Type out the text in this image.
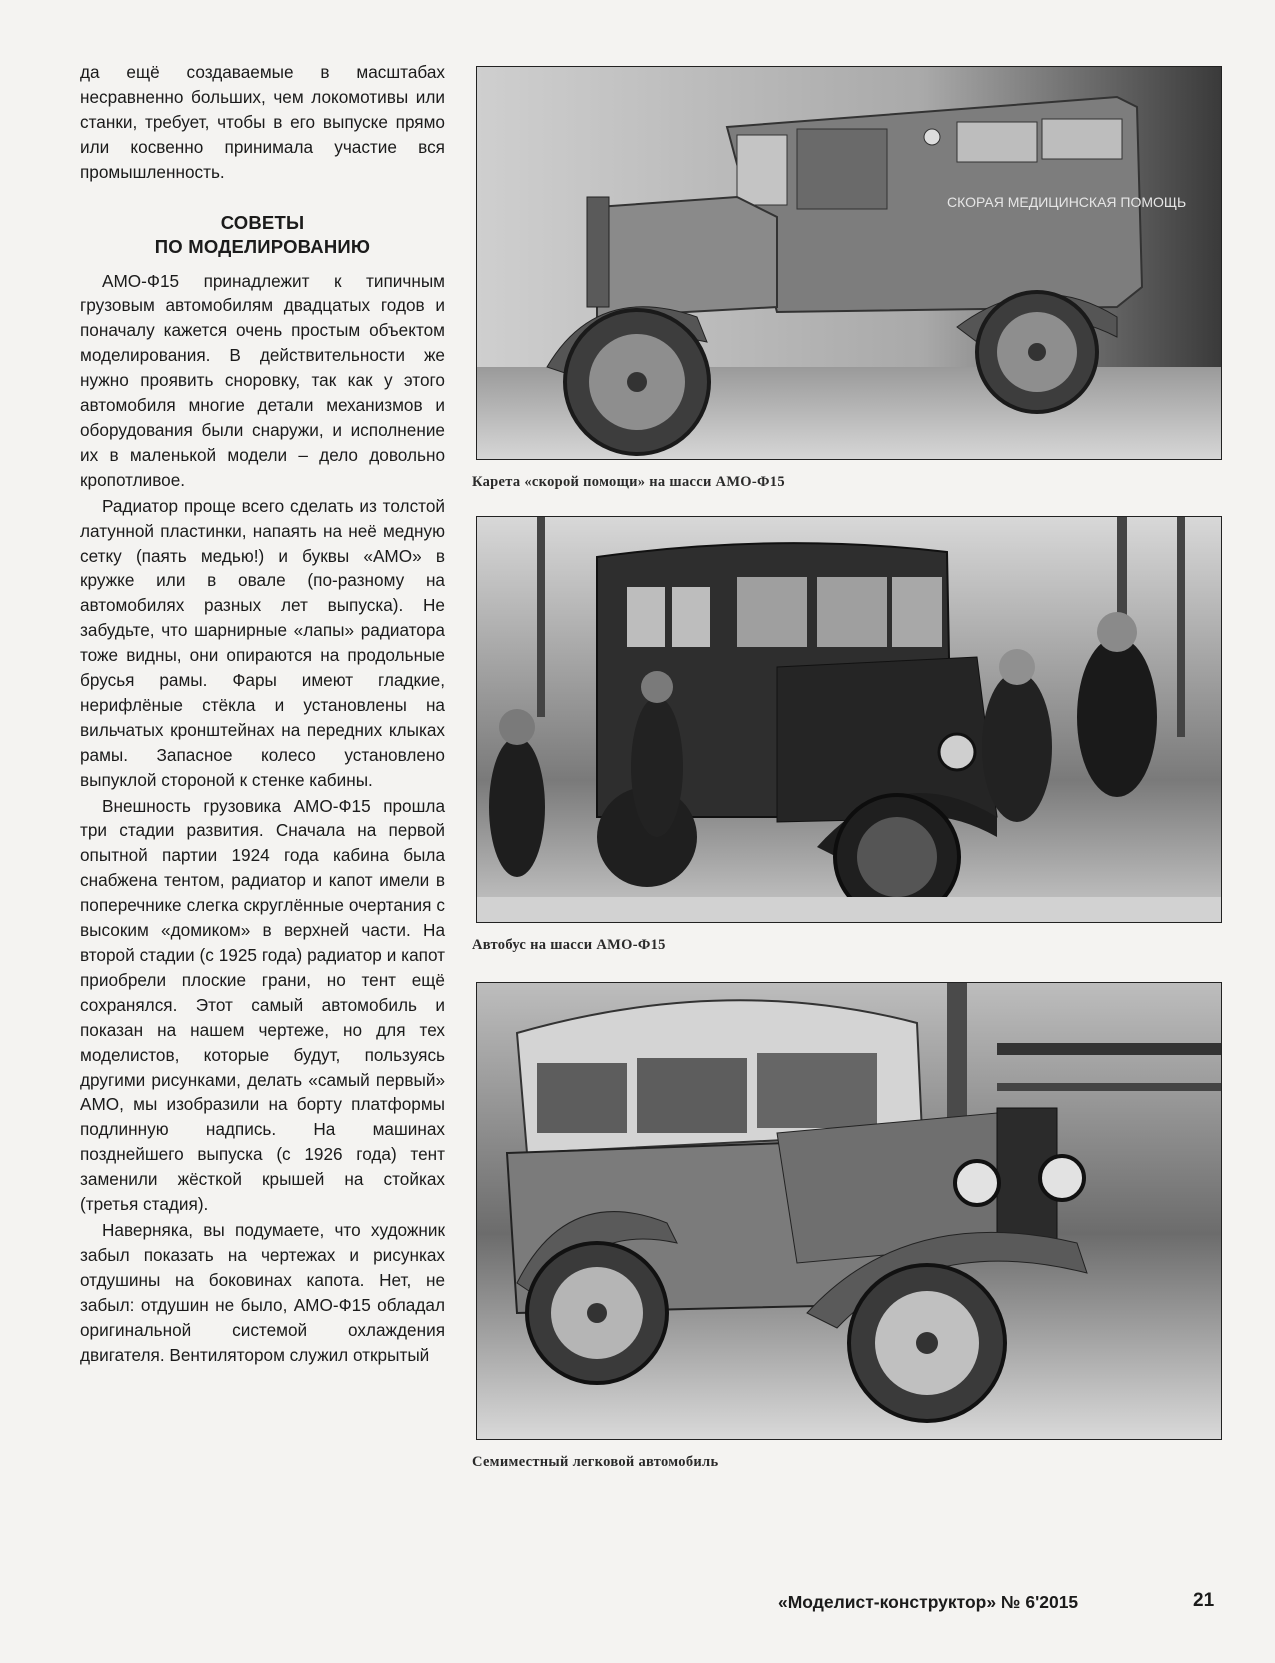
да ещё создаваемые в масштабах несравненно больших, чем локомотивы или станки, требует, чтобы в его выпуске прямо или косвенно принимала участие вся промышленность.

СОВЕТЫ
ПО МОДЕЛИРОВАНИЮ

АМО-Ф15 принадлежит к типичным грузовым автомобилям двадцатых годов и поначалу кажется очень простым объектом моделирования. В действительности же нужно проявить сноровку, так как у этого автомобиля многие детали механизмов и оборудования были снаружи, и исполнение их в маленькой модели – дело довольно кропотливое.

Радиатор проще всего сделать из толстой латунной пластинки, напаять на неё медную сетку (паять медью!) и буквы «АМО» в кружке или в овале (по-разному на автомобилях разных лет выпуска). Не забудьте, что шарнирные «лапы» радиатора тоже видны, они опираются на продольные брусья рамы. Фары имеют гладкие, нерифлёные стёкла и установлены на вильчатых кронштейнах на передних клыках рамы. Запасное колесо установлено выпуклой стороной к стенке кабины.

Внешность грузовика АМО-Ф15 прошла три стадии развития. Сначала на первой опытной партии 1924 года кабина была снабжена тентом, радиатор и капот имели в поперечнике слегка скруглённые очертания с высоким «домиком» в верхней части. На второй стадии (с 1925 года) радиатор и капот приобрели плоские грани, но тент ещё сохранялся. Этот самый автомобиль и показан на нашем чертеже, но для тех моделистов, которые будут, пользуясь другими рисунками, делать «самый первый» АМО, мы изобразили на борту платформы подлинную надпись. На машинах позднейшего выпуска (с 1926 года) тент заменили жёсткой крышей на стойках (третья стадия).

Наверняка, вы подумаете, что художник забыл показать на чертежах и рисунках отдушины на боковинах капота. Нет, не забыл: отдушин не было, АМО-Ф15 обладал оригинальной системой охлаждения двигателя. Вентилятором служил открытый

СКОРАЯ МЕДИЦИНСКАЯ ПОМОЩЬ
Карета «скорой помощи» на шасси АМО-Ф15
Автобус на шасси АМО-Ф15
Семиместный легковой автомобиль
«Моделист-конструктор» № 6'2015	21
